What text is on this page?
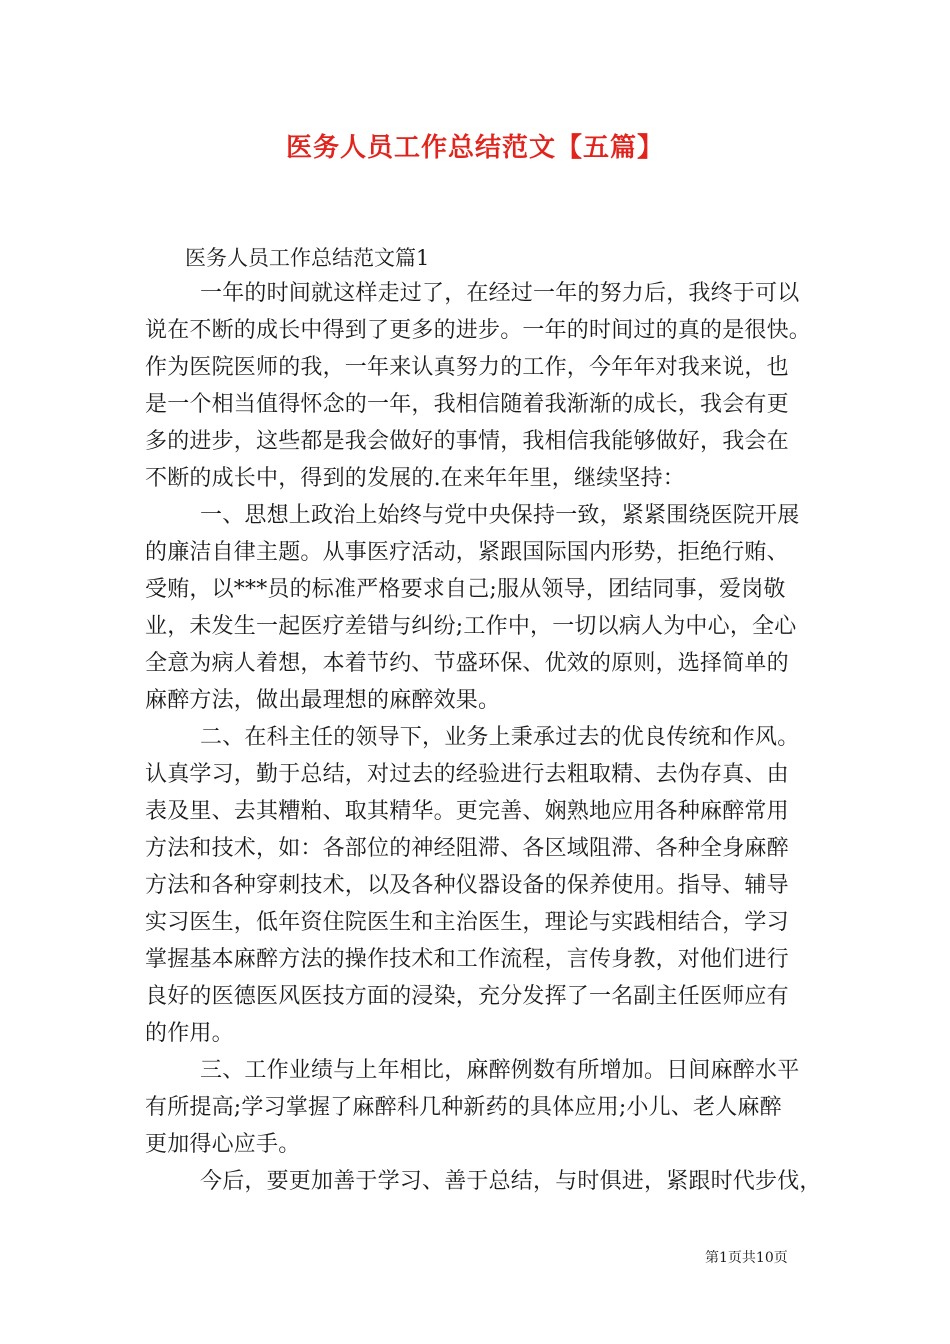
医务人员工作总结范文【五篇】
医务人员工作总结范文篇1
一年的时间就这样走过了，在经过一年的努力后，我终于可以
说在不断的成长中得到了更多的进步。一年的时间过的真的是很快。
作为医院医师的我，一年来认真努力的工作，今年年对我来说，也
是一个相当值得怀念的一年，我相信随着我渐渐的成长，我会有更
多的进步，这些都是我会做好的事情，我相信我能够做好，我会在
不断的成长中，得到的发展的.在来年年里，继续坚持：
一、思想上政治上始终与党中央保持一致，紧紧围绕医院开展
的廉洁自律主题。从事医疗活动，紧跟国际国内形势，拒绝行贿、
受贿，以***员的标准严格要求自己;服从领导，团结同事，爱岗敬
业，未发生一起医疗差错与纠纷;工作中，一切以病人为中心，全心
全意为病人着想，本着节约、节盛环保、优效的原则，选择简单的
麻醉方法，做出最理想的麻醉效果。
二、在科主任的领导下，业务上秉承过去的优良传统和作风。
认真学习，勤于总结，对过去的经验进行去粗取精、去伪存真、由
表及里、去其糟粕、取其精华。更完善、娴熟地应用各种麻醉常用
方法和技术，如：各部位的神经阻滞、各区域阻滞、各种全身麻醉
方法和各种穿刺技术，以及各种仪器设备的保养使用。指导、辅导
实习医生，低年资住院医生和主治医生，理论与实践相结合，学习
掌握基本麻醉方法的操作技术和工作流程，言传身教，对他们进行
良好的医德医风医技方面的浸染，充分发挥了一名副主任医师应有
的作用。
三、工作业绩与上年相比，麻醉例数有所增加。日间麻醉水平
有所提高;学习掌握了麻醉科几种新药的具体应用;小儿、老人麻醉
更加得心应手。
今后，要更加善于学习、善于总结，与时俱进，紧跟时代步伐，
第1页共10页
